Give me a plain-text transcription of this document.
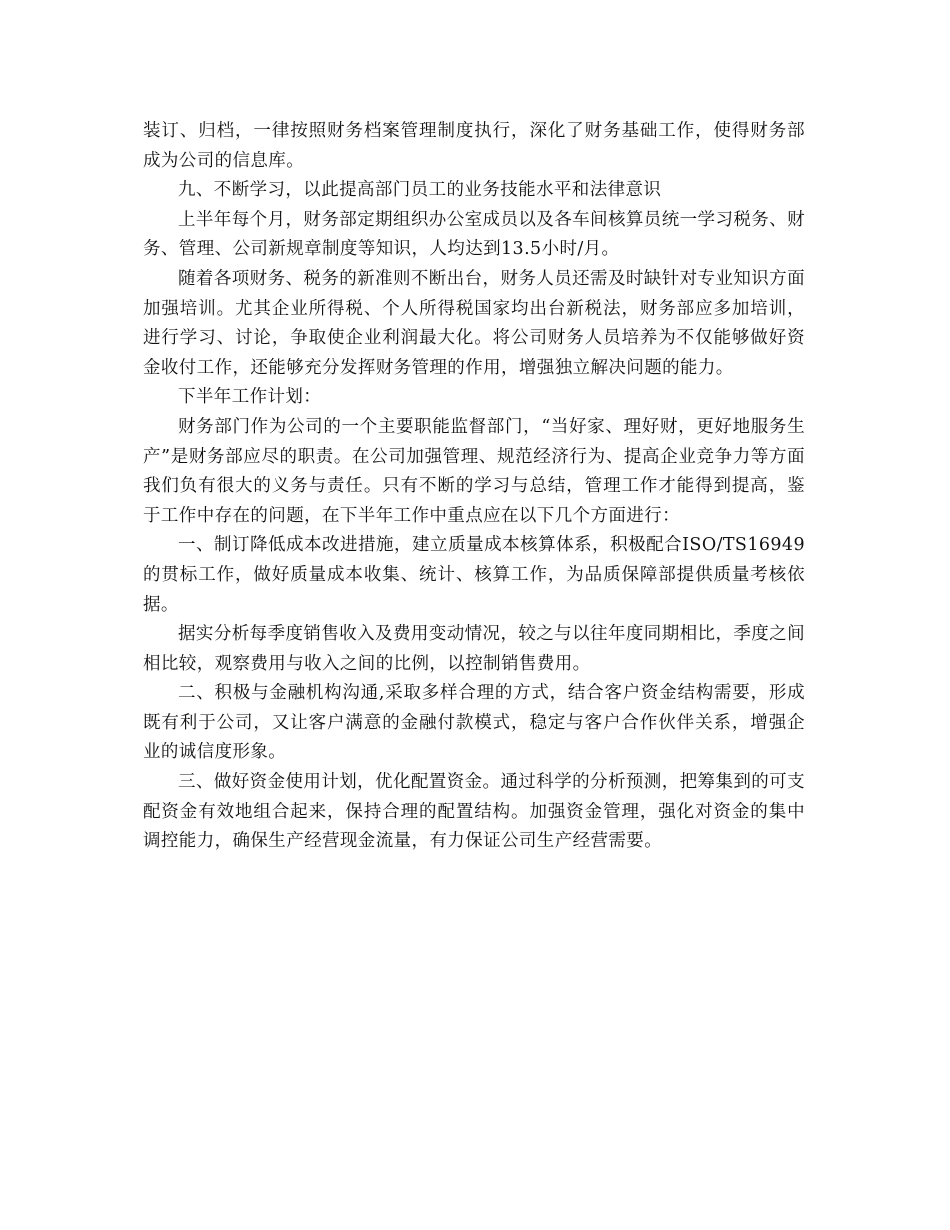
装订、归档，一律按照财务档案管理制度执行，深化了财务基础工作，使得财务部成为公司的信息库。

九、不断学习，以此提高部门员工的业务技能水平和法律意识

上半年每个月，财务部定期组织办公室成员以及各车间核算员统一学习税务、财务、管理、公司新规章制度等知识，人均达到13.5小时/月。

随着各项财务、税务的新准则不断出台，财务人员还需及时缺针对专业知识方面加强培训。尤其企业所得税、个人所得税国家均出台新税法，财务部应多加培训，进行学习、讨论，争取使企业利润最大化。将公司财务人员培养为不仅能够做好资金收付工作，还能够充分发挥财务管理的作用，增强独立解决问题的能力。

下半年工作计划：

财务部门作为公司的一个主要职能监督部门，“当好家、理好财，更好地服务生产”是财务部应尽的职责。在公司加强管理、规范经济行为、提高企业竞争力等方面我们负有很大的义务与责任。只有不断的学习与总结，管理工作才能得到提高，鉴于工作中存在的问题，在下半年工作中重点应在以下几个方面进行：

一、制订降低成本改进措施，建立质量成本核算体系，积极配合ISO/TS16949的贯标工作，做好质量成本收集、统计、核算工作，为品质保障部提供质量考核依据。

据实分析每季度销售收入及费用变动情况，较之与以往年度同期相比，季度之间相比较，观察费用与收入之间的比例，以控制销售费用。

二、积极与金融机构沟通,采取多样合理的方式，结合客户资金结构需要，形成既有利于公司，又让客户满意的金融付款模式，稳定与客户合作伙伴关系，增强企业的诚信度形象。

三、做好资金使用计划，优化配置资金。通过科学的分析预测，把筹集到的可支配资金有效地组合起来，保持合理的配置结构。加强资金管理，强化对资金的集中调控能力，确保生产经营现金流量，有力保证公司生产经营需要。
